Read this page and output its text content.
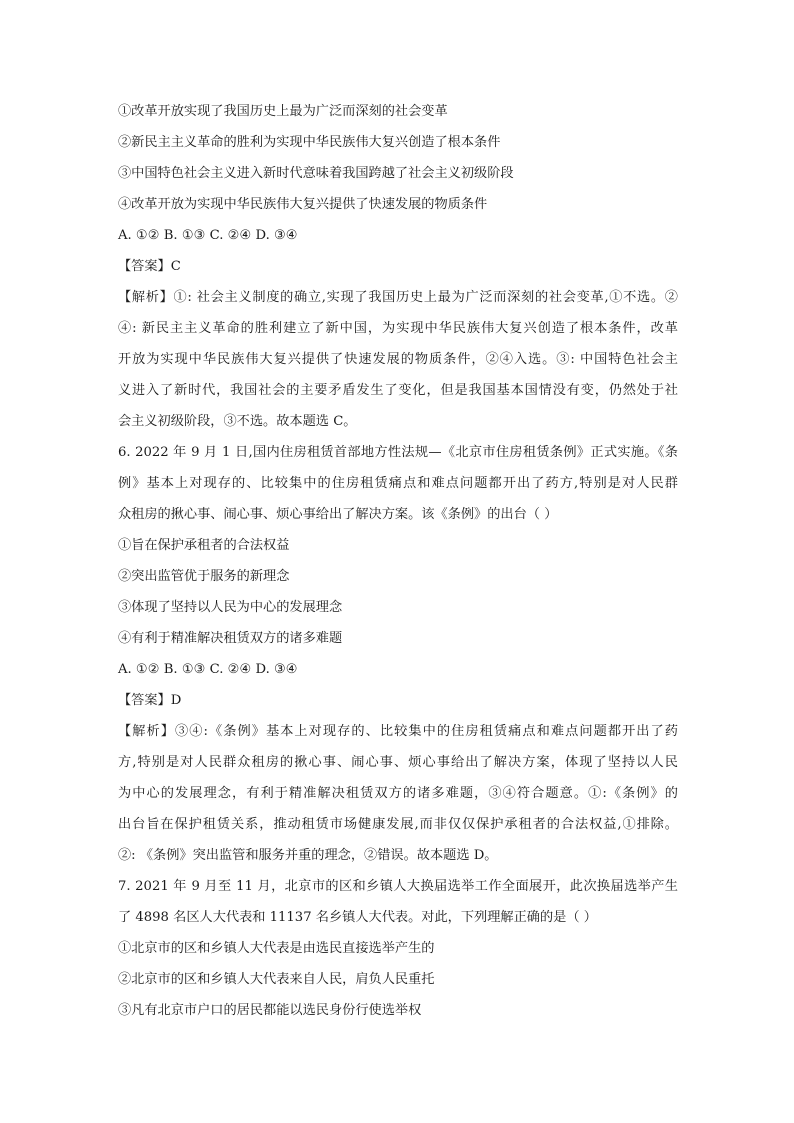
①改革开放实现了我国历史上最为广泛而深刻的社会变革
②新民主主义革命的胜利为实现中华民族伟大复兴创造了根本条件
③中国特色社会主义进入新时代意味着我国跨越了社会主义初级阶段
④改革开放为实现中华民族伟大复兴提供了快速发展的物质条件
A. ①② B. ①③ C. ②④ D. ③④
【答案】C
【解析】①: 社会主义制度的确立,实现了我国历史上最为广泛而深刻的社会变革,①不选。②
④: 新民主主义革命的胜利建立了新中国，为实现中华民族伟大复兴创造了根本条件，改革
开放为实现中华民族伟大复兴提供了快速发展的物质条件，②④入选。③: 中国特色社会主
义进入了新时代，我国社会的主要矛盾发生了变化，但是我国基本国情没有变，仍然处于社
会主义初级阶段，③不选。故本题选 C。
6. 2022 年 9 月 1 日,国内住房租赁首部地方性法规—《北京市住房租赁条例》正式实施。《条
例》基本上对现存的、比较集中的住房租赁痛点和难点问题都开出了药方,特别是对人民群
众租房的揪心事、闹心事、烦心事给出了解决方案。该《条例》的出台（ ）
①旨在保护承租者的合法权益
②突出监管优于服务的新理念
③体现了坚持以人民为中心的发展理念
④有利于精准解决租赁双方的诸多难题
A. ①② B. ①③ C. ②④ D. ③④
【答案】D
【解析】③④:《条例》基本上对现存的、比较集中的住房租赁痛点和难点问题都开出了药
方,特别是对人民群众租房的揪心事、闹心事、烦心事给出了解决方案，体现了坚持以人民
为中心的发展理念，有利于精准解决租赁双方的诸多难题，③④符合题意。①:《条例》的
出台旨在保护租赁关系，推动租赁市场健康发展,而非仅仅保护承租者的合法权益,①排除。
②: 《条例》突出监管和服务并重的理念，②错误。故本题选 D。
7. 2021 年 9 月至 11 月，北京市的区和乡镇人大换届选举工作全面展开，此次换届选举产生
了 4898 名区人大代表和 11137 名乡镇人大代表。对此，下列理解正确的是（ ）
①北京市的区和乡镇人大代表是由选民直接选举产生的
②北京市的区和乡镇人大代表来自人民，肩负人民重托
③凡有北京市户口的居民都能以选民身份行使选举权
